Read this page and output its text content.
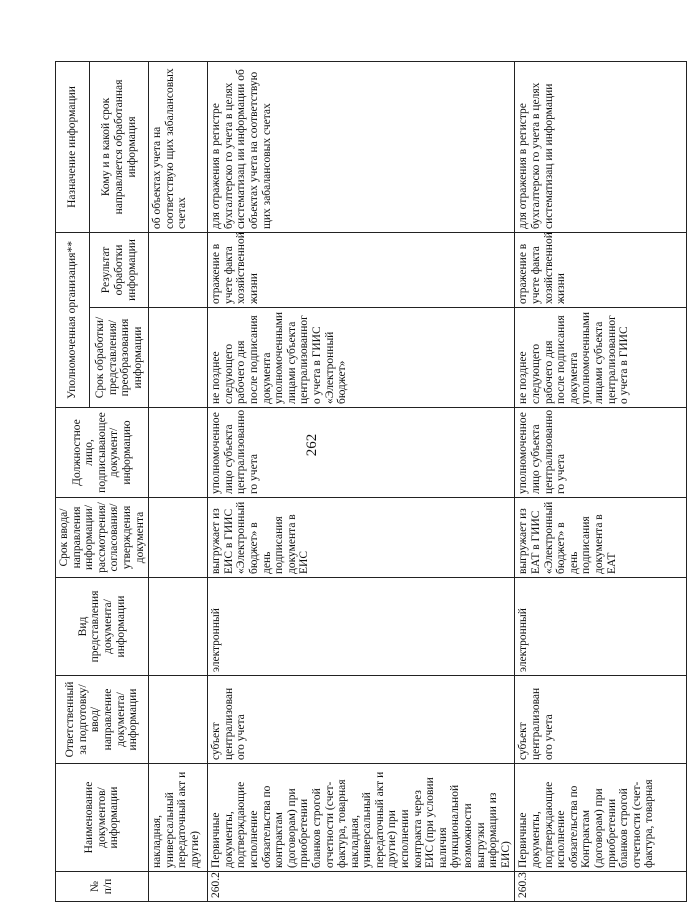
262
№
п/п	Наименование документов/информации	Ответственный за подготовку/ ввод/ направление документа/ информации	Вид представления документа/ информации	Срок ввода/ направления информации/ рассмотрения/ согласования/ утверждения документа	Должностное лицо, подписывающее документ/ информацию	Уполномоченная организация**		Назначение информации
						Срок обработки/ представления/ преобразования информации	Результат обработки информации	Кому и в какой срок направляется обработанная информация
	накладная, универсальный передаточный акт и другие)							об объектах учета на соответствую щих забалансовых счетах
260.2	Первичные документы, подтверждающие исполнение обязательства по контрактам (договорам) при приобретении бланков строгой отчетности (счет-фактура, товарная накладная, универсальный передаточный акт и другие) при исполнении контракта через ЕИС (при условии наличия функциональной возможности выгрузки информации из ЕИС)	субъект централизован ого учета	электронный	выгружает из ЕИС в ГИИС «Электронный бюджет» в день подписания документа в ЕИС	уполномоченное лицо субъекта централизованно го учета	не позднее следующего рабочего дня после подписания документа уполномоченными лицами субъекта централизованног о учета в ГИИС «Электронный бюджет»	отражение в учете факта хозяйственной жизни	для отражения в регистре бухгалтерско го учета в целях систематизац ии информации об объектах учета на соответствую щих забалансовых счетах
260.3	Первичные документы, подтверждающие исполнение обязательства по Контрактам (договорам) при приобретении бланков строгой отчетности (счет-фактура, товарная	субъект централизован ого учета	электронный	выгружает из ЕАТ в ГИИС «Электронный бюджет» в день подписания документа в ЕАТ	уполномоченное лицо субъекта централизованно го учета	не позднее следующего рабочего дня после подписания документа уполномоченными лицами субъекта централизованног о учета в ГИИС	отражение в учете факта хозяйственной жизни	для отражения в регистре бухгалтерско го учета в целях систематизац ии информации
